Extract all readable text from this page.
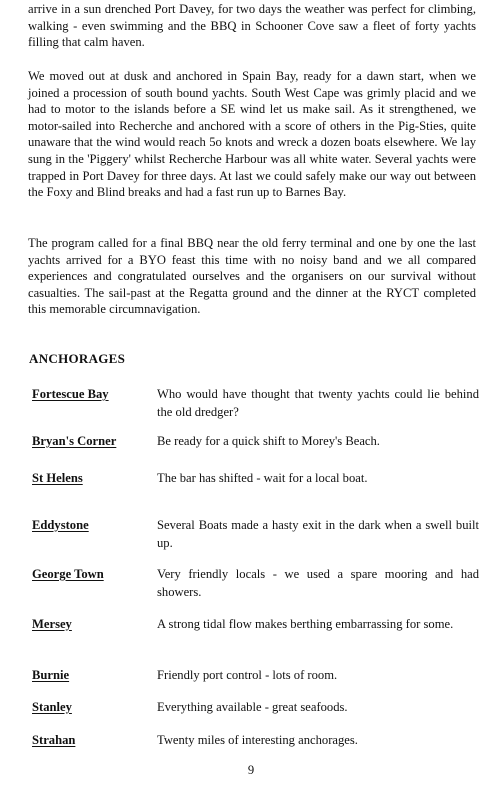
arrive in a sun drenched Port Davey, for two days the weather was perfect for climbing, walking - even swimming and the BBQ in Schooner Cove saw a fleet of forty yachts filling that calm haven.

We moved out at dusk and anchored in Spain Bay, ready for a dawn start, when we joined a procession of south bound yachts. South West Cape was grimly placid and we had to motor to the islands before a SE wind let us make sail. As it strengthened, we motor-sailed into Recherche and anchored with a score of others in the Pig-Sties, quite unaware that the wind would reach 5o knots and wreck a dozen boats elsewhere. We lay sung in the 'Piggery' whilst Recherche Harbour was all white water. Several yachts were trapped in Port Davey for three days. At last we could safely make our way out between the Foxy and Blind breaks and had a fast run up to Barnes Bay.

The program called for a final BBQ near the old ferry terminal and one by one the last yachts arrived for a BYO feast this time with no noisy band and we all compared experiences and congratulated ourselves and the organisers on our survival without casualties. The sail-past at the Regatta ground and the dinner at the RYCT completed this memorable circumnavigation.

ANCHORAGES
Fortescue Bay	Who would have thought that twenty yachts could lie behind the old dredger?

Bryan's Corner	Be ready for a quick shift to Morey's Beach.

St Helens	The bar has shifted - wait for a local boat.

Eddystone	Several Boats made a hasty exit in the dark when a swell built up.

George Town	Very friendly locals - we used a spare mooring and had showers.

Mersey	A strong tidal flow makes berthing embarrassing for some.

Burnie	Friendly port control - lots of room.

Stanley	Everything available - great seafoods.

Strahan	Twenty miles of interesting anchorages.

9
